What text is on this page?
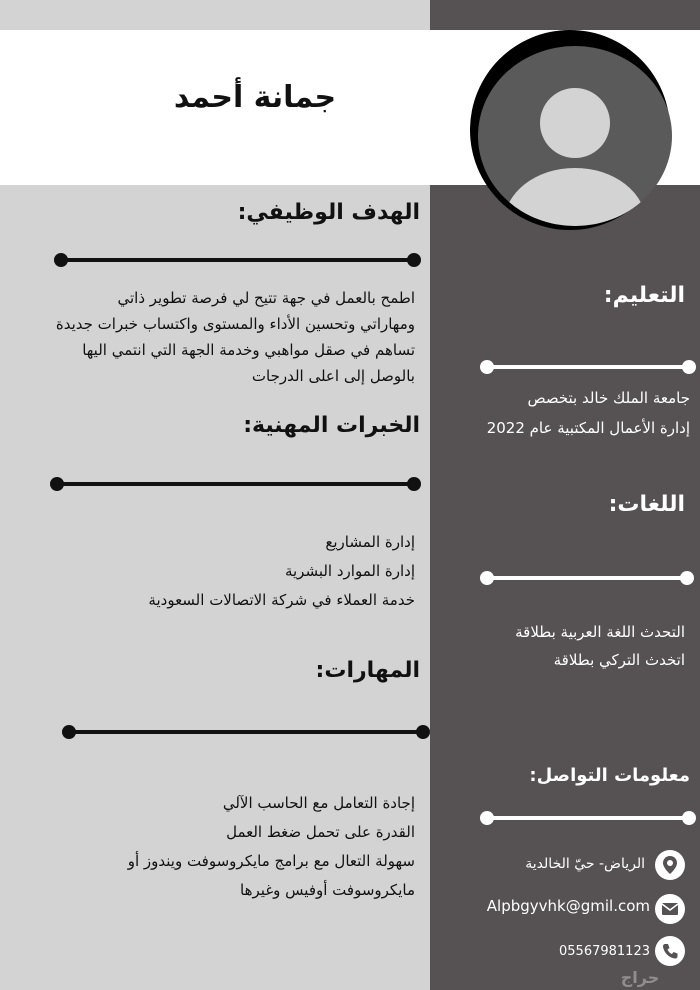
جمانة أحمد
الهدف الوظيفي:
اطمح بالعمل في جهة تتيح لي فرصة تطوير ذاتي
ومهاراتي وتحسين الأداء والمستوى واكتساب خبرات جديدة
تساهم في صقل مواهبي وخدمة الجهة التي انتمي اليها
بالوصل إلى اعلى الدرجات
الخبرات المهنية:
إدارة المشاريع
إدارة الموارد البشرية
خدمة العملاء في شركة الاتصالات السعودية
المهارات:
إجادة التعامل مع الحاسب الآلي
القدرة على تحمل ضغط العمل
سهولة التعال مع برامج مايكروسوفت ويندوز أو
مايكروسوفت أوفيس وغيرها
التعليم:
جامعة الملك خالد بتخصص
إدارة الأعمال المكتبية عام 2022
اللغات:
التحدث اللغة العربية بطلاقة
اتخدث التركي بطلاقة
معلومات التواصل:
الرياض- حيّ الخالدية
Alpbgyvhk@gmil.com
05567981123
حراج
